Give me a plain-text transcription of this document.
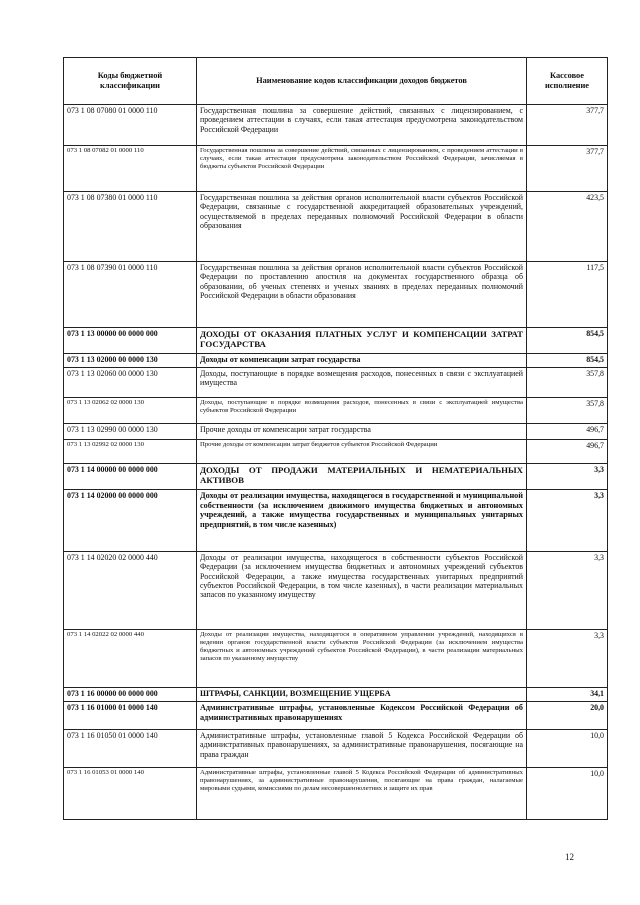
Коды бюджетной классификации	Наименование кодов классификации доходов бюджетов	Кассовое исполнение
073 1 08 07080 01 0000 110	Государственная пошлина за совершение действий, связанных с лицензированием, с проведением аттестации в случаях, если такая аттестация предусмотрена законодательством Российской Федерации	377,7
073 1 08 07082 01 0000 110	Государственная пошлина за совершение действий, связанных с лицензированием, с проведением аттестации в случаях, если такая аттестация предусмотрена законодательством Российской Федерации, зачисляемая в бюджеты субъектов Российской Федерации	377,7
073 1 08 07380 01 0000 110	Государственная пошлина за действия органов исполнительной власти субъектов Российской Федерации, связанные с государственной аккредитацией образовательных учреждений, осуществляемой в пределах переданных полномочий Российской Федерации в области образования	423,5
073 1 08 07390 01 0000 110	Государственная пошлина за действия органов исполнительной власти субъектов Российской Федерации по проставлению апостиля на документах государственного образца об образовании, об ученых степенях и ученых званиях в пределах переданных полномочий Российской Федерации в области образования	117,5
073 1 13 00000 00 0000 000	ДОХОДЫ ОТ ОКАЗАНИЯ ПЛАТНЫХ УСЛУГ И КОМПЕНСАЦИИ ЗАТРАТ ГОСУДАРСТВА	854,5
073 1 13 02000 00 0000 130	Доходы от компенсации затрат государства	854,5
073 1 13 02060 00 0000 130	Доходы, поступающие в порядке возмещения расходов, понесенных в связи с эксплуатацией имущества	357,8
073 1 13 02062 02 0000 130	Доходы, поступающие в порядке возмещения расходов, понесенных в связи с эксплуатацией имущества субъектов Российской Федерации	357,8
073 1 13 02990 00 0000 130	Прочие доходы от компенсации затрат государства	496,7
073 1 13 02992 02 0000 130	Прочие доходы от компенсации затрат бюджетов субъектов Российской Федерации	496,7
073 1 14 00000 00 0000 000	ДОХОДЫ ОТ ПРОДАЖИ МАТЕРИАЛЬНЫХ И НЕМАТЕРИАЛЬНЫХ АКТИВОВ	3,3
073 1 14 02000 00 0000 000	Доходы от реализации имущества, находящегося в государственной и муниципальной собственности (за исключением движимого имущества бюджетных и автономных учреждений, а также имущества государственных и муниципальных унитарных предприятий, в том числе казенных)	3,3
073 1 14 02020 02 0000 440	Доходы от реализации имущества, находящегося в собственности субъектов Российской Федерации (за исключением имущества бюджетных и автономных учреждений субъектов Российской Федерации, а также имущества государственных унитарных предприятий субъектов Российской Федерации, в том числе казенных), в части реализации материальных запасов по указанному имуществу	3,3
073 1 14 02022 02 0000 440	Доходы от реализации имущества, находящегося в оперативном управлении учреждений, находящихся в ведении органов государственной власти субъектов Российской Федерации (за исключением имущества бюджетных и автономных учреждений субъектов Российской Федерации), в части реализации материальных запасов по указанному имуществу	3,3
073 1 16 00000 00 0000 000	ШТРАФЫ, САНКЦИИ, ВОЗМЕЩЕНИЕ УЩЕРБА	34,1
073 1 16 01000 01 0000 140	Административные штрафы, установленные Кодексом Российской Федерации об административных правонарушениях	20,0
073 1 16 01050 01 0000 140	Административные штрафы, установленные главой 5 Кодекса Российской Федерации об административных правонарушениях, за административные правонарушения, посягающие на права граждан	10,0
073 1 16 01053 01 0000 140	Административные штрафы, установленные главой 5 Кодекса Российской Федерации об административных правонарушениях, за административные правонарушения, посягающие на права граждан, налагаемые мировыми судьями, комиссиями по делам несовершеннолетних и защите их прав	10,0
12
